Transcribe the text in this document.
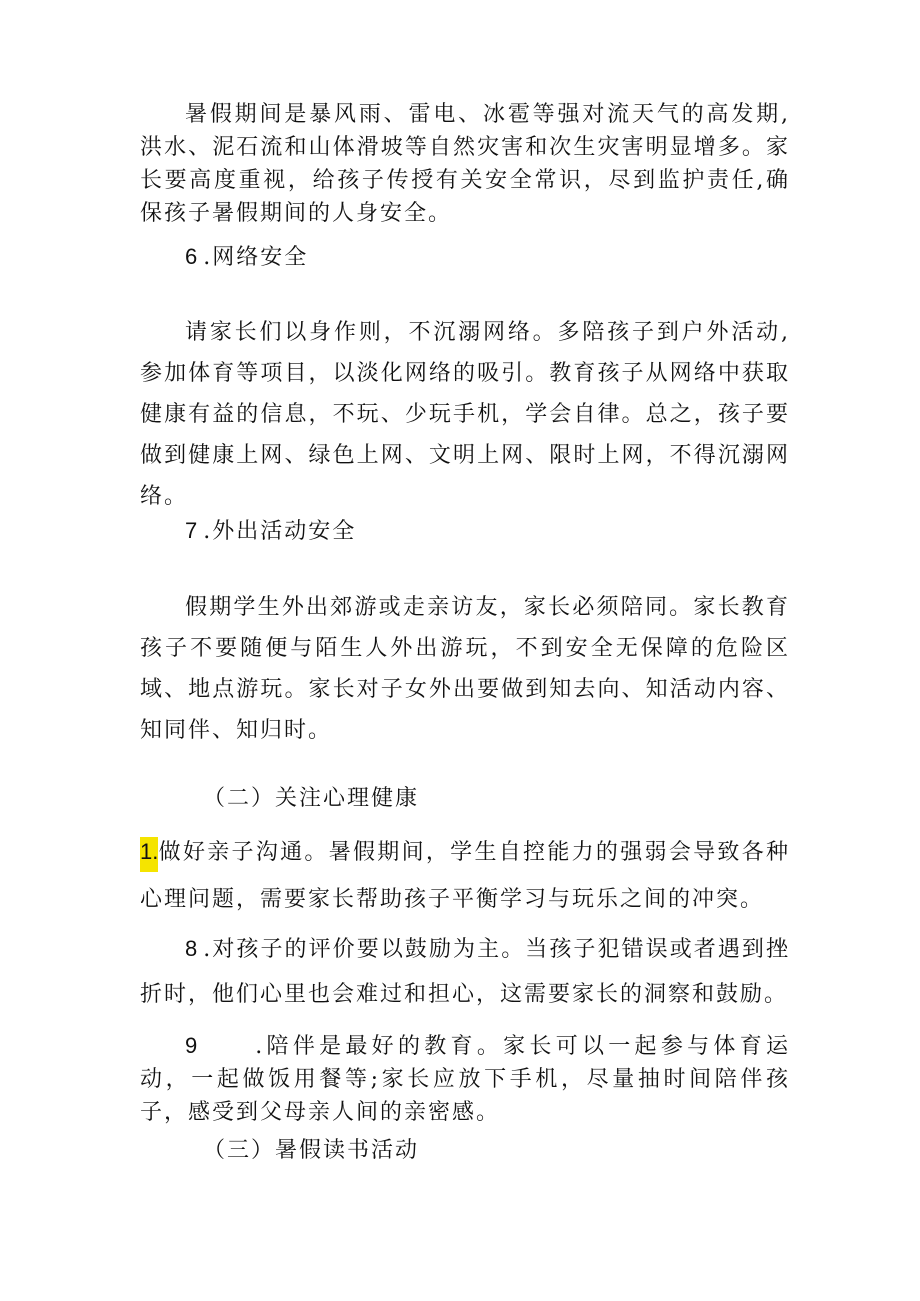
暑假期间是暴风雨、雷电、冰雹等强对流天气的高发期,洪水、泥石流和山体滑坡等自然灾害和次生灾害明显增多。家长要高度重视，给孩子传授有关安全常识，尽到监护责任,确保孩子暑假期间的人身安全。

6 .网络安全

请家长们以身作则，不沉溺网络。多陪孩子到户外活动,参加体育等项目，以淡化网络的吸引。教育孩子从网络中获取健康有益的信息，不玩、少玩手机，学会自律。总之，孩子要做到健康上网、绿色上网、文明上网、限时上网，不得沉溺网络。

7 .外出活动安全

假期学生外出郊游或走亲访友，家长必须陪同。家长教育孩子不要随便与陌生人外出游玩，不到安全无保障的危险区域、地点游玩。家长对子女外出要做到知去向、知活动内容、知同伴、知归时。

（二）关注心理健康

1.做好亲子沟通。暑假期间，学生自控能力的强弱会导致各种心理问题，需要家长帮助孩子平衡学习与玩乐之间的冲突。

8 .对孩子的评价要以鼓励为主。当孩子犯错误或者遇到挫折时，他们心里也会难过和担心，这需要家长的洞察和鼓励。

9	.陪伴是最好的教育。家长可以一起参与体育运动，一起做饭用餐等;家长应放下手机，尽量抽时间陪伴孩子，感受到父母亲人间的亲密感。

（三）暑假读书活动
